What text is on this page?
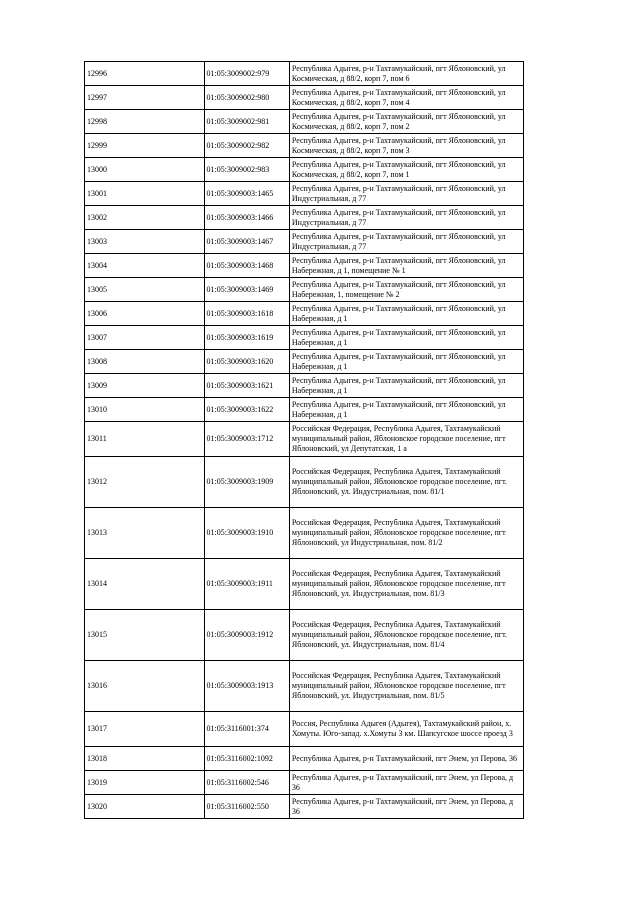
12996	01:05:3009002:979	Республика Адыгея, р-н Тахтамукайский, пгт Яблоновский, ул Космическая, д 88/2, корп 7, пом 6
12997	01:05:3009002:980	Республика Адыгея, р-н Тахтамукайский, пгт Яблоновский, ул Космическая, д 88/2, корп 7, пом 4
12998	01:05:3009002:981	Республика Адыгея, р-н Тахтамукайский, пгт Яблоновский, ул Космическая, д 88/2, корп 7, пом 2
12999	01:05:3009002:982	Республика Адыгея, р-н Тахтамукайский, пгт Яблоновский, ул Космическая, д 88/2, корп 7, пом 3
13000	01:05:3009002:983	Республика Адыгея, р-н Тахтамукайский, пгт Яблоновский, ул Космическая, д 88/2, корп 7, пом 1
13001	01:05:3009003:1465	Республика Адыгея, р-н Тахтамукайский, пгт Яблоновский, ул Индустриальная, д 77
13002	01:05:3009003:1466	Республика Адыгея, р-н Тахтамукайский, пгт Яблоновский, ул Индустриальная, д 77
13003	01:05:3009003:1467	Республика Адыгея, р-н Тахтамукайский, пгт Яблоновский, ул Индустриальная, д 77
13004	01:05:3009003:1468	Республика Адыгея, р-н Тахтамукайский, пгт Яблоновский, ул Набережная, д 1, помещение № 1
13005	01:05:3009003:1469	Республика Адыгея, р-н Тахтамукайский, пгт Яблоновский, ул Набережная, 1, помещение № 2
13006	01:05:3009003:1618	Республика Адыгея, р-н Тахтамукайский, пгт Яблоновский, ул Набережная, д 1
13007	01:05:3009003:1619	Республика Адыгея, р-н Тахтамукайский, пгт Яблоновский, ул Набережная, д 1
13008	01:05:3009003:1620	Республика Адыгея, р-н Тахтамукайский, пгт Яблоновский, ул Набережная, д 1
13009	01:05:3009003:1621	Республика Адыгея, р-н Тахтамукайский, пгт Яблоновский, ул Набережная, д 1
13010	01:05:3009003:1622	Республика Адыгея, р-н Тахтамукайский, пгт Яблоновский, ул Набережная, д 1
13011	01:05:3009003:1712	Российская Федерация, Республика Адыгея, Тахтамукайский муниципальный район, Яблоновское городское поселение, пгт Яблоновский, ул Депутатская, 1 а
13012	01:05:3009003:1909	Российская Федерация, Республика Адыгея, Тахтамукайский муниципальный район, Яблоновское городское поселение, пгт. Яблоновский, ул. Индустриальная, пом. 81/1
13013	01:05:3009003:1910	Российская Федерация, Республика Адыгея, Тахтамукайский муниципальный район, Яблоновское городское поселение, пгт Яблоновский, ул Индустриальная, пом. 81/2
13014	01:05:3009003:1911	Российская Федерация, Республика Адыгея, Тахтамукайский муниципальный район, Яблоновское городское поселение, пгт Яблоновский, ул. Индустриальная, пом. 81/3
13015	01:05:3009003:1912	Российская Федерация, Республика Адыгея, Тахтамукайский муниципальный район, Яблоновское городское поселение, пгт. Яблоновский, ул. Индустриальная, пом. 81/4
13016	01:05:3009003:1913	Российская Федерация, Республика Адыгея, Тахтамукайский муниципальный район, Яблоновское городское поселение, пгт Яблоновский, ул. Индустриальная, пом. 81/5
13017	01:05:3116001:374	Россия, Республика Адыгея (Адыгея), Тахтамукайский район, х. Хомуты. Юго-запад. х.Хомуты 3 км. Шапсугское шоссе проезд 3
13018	01:05:3116002:1092	Республика Адыгея, р-н Тахтамукайский, пгт Энем, ул Перова, 36
13019	01:05:3116002:546	Республика Адыгея, р-н Тахтамукайский, пгт Энем, ул Перова, д 36
13020	01:05:3116002:550	Республика Адыгея, р-н Тахтамукайский, пгт Энем, ул Перова, д 36
